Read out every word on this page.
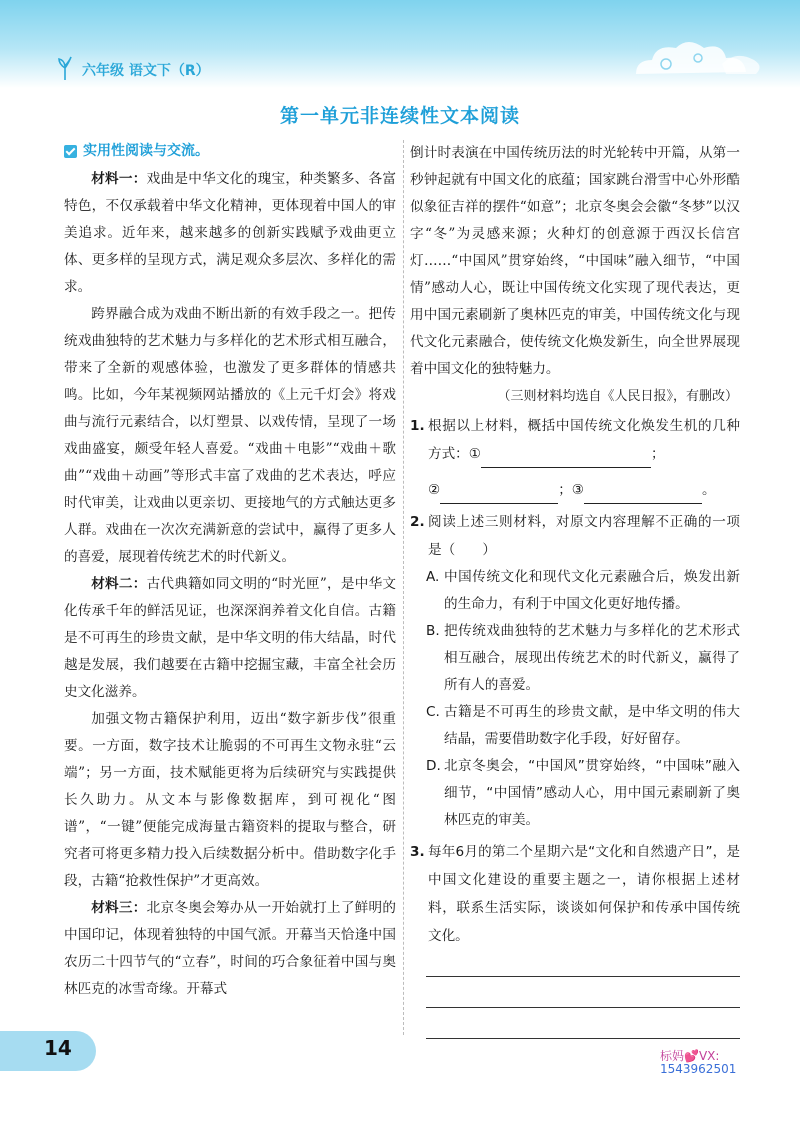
六年级 语文下（R）
第一单元非连续性文本阅读
实用性阅读与交流。

材料一：戏曲是中华文化的瑰宝，种类繁多、各富特色，不仅承载着中华文化精神，更体现着中国人的审美追求。近年来，越来越多的创新实践赋予戏曲更立体、更多样的呈现方式，满足观众多层次、多样化的需求。

跨界融合成为戏曲不断出新的有效手段之一。把传统戏曲独特的艺术魅力与多样化的艺术形式相互融合，带来了全新的观感体验，也激发了更多群体的情感共鸣。比如，今年某视频网站播放的《上元千灯会》将戏曲与流行元素结合，以灯塑景、以戏传情，呈现了一场戏曲盛宴，颇受年轻人喜爱。“戏曲＋电影”“戏曲＋歌曲”“戏曲＋动画”等形式丰富了戏曲的艺术表达，呼应时代审美，让戏曲以更亲切、更接地气的方式触达更多人群。戏曲在一次次充满新意的尝试中，赢得了更多人的喜爱，展现着传统艺术的时代新义。

材料二：古代典籍如同文明的“时光匣”，是中华文化传承千年的鲜活见证，也深深润养着文化自信。古籍是不可再生的珍贵文献，是中华文明的伟大结晶，时代越是发展，我们越要在古籍中挖掘宝藏，丰富全社会历史文化滋养。

加强文物古籍保护利用，迈出“数字新步伐”很重要。一方面，数字技术让脆弱的不可再生文物永驻“云端”；另一方面，技术赋能更将为后续研究与实践提供长久助力。从文本与影像数据库，到可视化“图谱”，“一键”便能完成海量古籍资料的提取与整合，研究者可将更多精力投入后续数据分析中。借助数字化手段，古籍“抢救性保护”才更高效。

材料三：北京冬奥会筹办从一开始就打上了鲜明的中国印记，体现着独特的中国气派。开幕当天恰逢中国农历二十四节气的“立春”，时间的巧合象征着中国与奥林匹克的冰雪奇缘。开幕式

倒计时表演在中国传统历法的时光轮转中开篇，从第一秒钟起就有中国文化的底蕴；国家跳台滑雪中心外形酷似象征吉祥的摆件“如意”；北京冬奥会会徽“冬梦”以汉字“冬”为灵感来源；火种灯的创意源于西汉长信宫灯……“中国风”贯穿始终，“中国味”融入细节，“中国情”感动人心，既让中国传统文化实现了现代表达，更用中国元素刷新了奥林匹克的审美，中国传统文化与现代文化元素融合，使传统文化焕发新生，向全世界展现着中国文化的独特魅力。

（三则材料均选自《人民日报》，有删改）

1. 根据以上材料，概括中国传统文化焕发生机的几种方式：①	；
②	；③	。
2. 阅读上述三则材料，对原文内容理解不正确的一项是（　　）
A. 中国传统文化和现代文化元素融合后，焕发出新的生命力，有利于中国文化更好地传播。
B. 把传统戏曲独特的艺术魅力与多样化的艺术形式相互融合，展现出传统艺术的时代新义，赢得了所有人的喜爱。
C. 古籍是不可再生的珍贵文献，是中华文明的伟大结晶，需要借助数字化手段，好好留存。
D. 北京冬奥会，“中国风”贯穿始终，“中国味”融入细节，“中国情”感动人心，用中国元素刷新了奥林匹克的审美。
3. 每年6月的第二个星期六是“文化和自然遗产日”，是中国文化建设的重要主题之一，请你根据上述材料，联系生活实际，谈谈如何保护和传承中国传统文化。
14	标妈💕VX:
1543962501
